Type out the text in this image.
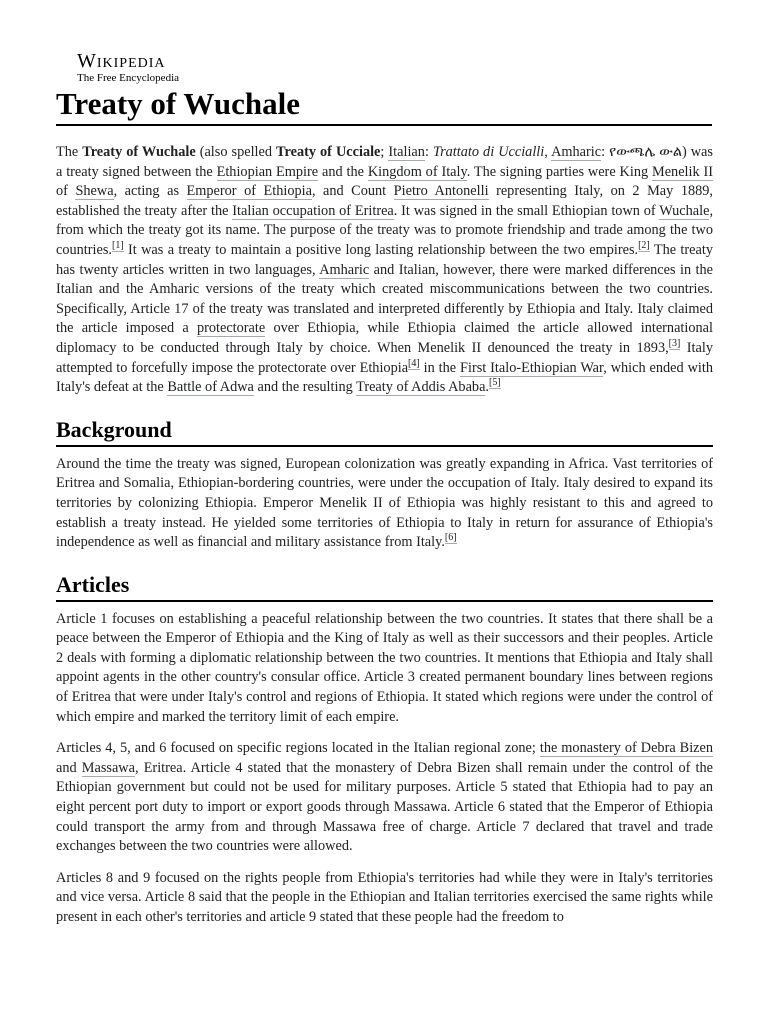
Wikipedia
The Free Encyclopedia
Treaty of Wuchale

The Treaty of Wuchale (also spelled Treaty of Ucciale; Italian: Trattato di Uccialli, Amharic: የውጫሌ ውል) was a treaty signed between the Ethiopian Empire and the Kingdom of Italy. The signing parties were King Menelik II of Shewa, acting as Emperor of Ethiopia, and Count Pietro Antonelli representing Italy, on 2 May 1889, established the treaty after the Italian occupation of Eritrea. It was signed in the small Ethiopian town of Wuchale, from which the treaty got its name. The purpose of the treaty was to promote friendship and trade among the two countries.[1] It was a treaty to maintain a positive long lasting relationship between the two empires.[2] The treaty has twenty articles written in two languages, Amharic and Italian, however, there were marked differences in the Italian and the Amharic versions of the treaty which created miscommunications between the two countries. Specifically, Article 17 of the treaty was translated and interpreted differently by Ethiopia and Italy. Italy claimed the article imposed a protectorate over Ethiopia, while Ethiopia claimed the article allowed international diplomacy to be conducted through Italy by choice. When Menelik II denounced the treaty in 1893,[3] Italy attempted to forcefully impose the protectorate over Ethiopia[4] in the First Italo-Ethiopian War, which ended with Italy's defeat at the Battle of Adwa and the resulting Treaty of Addis Ababa.[5]

Background

Around the time the treaty was signed, European colonization was greatly expanding in Africa. Vast territories of Eritrea and Somalia, Ethiopian-bordering countries, were under the occupation of Italy. Italy desired to expand its territories by colonizing Ethiopia. Emperor Menelik II of Ethiopia was highly resistant to this and agreed to establish a treaty instead. He yielded some territories of Ethiopia to Italy in return for assurance of Ethiopia's independence as well as financial and military assistance from Italy.[6]

Articles

Article 1 focuses on establishing a peaceful relationship between the two countries. It states that there shall be a peace between the Emperor of Ethiopia and the King of Italy as well as their successors and their peoples. Article 2 deals with forming a diplomatic relationship between the two countries. It mentions that Ethiopia and Italy shall appoint agents in the other country's consular office. Article 3 created permanent boundary lines between regions of Eritrea that were under Italy's control and regions of Ethiopia. It stated which regions were under the control of which empire and marked the territory limit of each empire.

Articles 4, 5, and 6 focused on specific regions located in the Italian regional zone; the monastery of Debra Bizen and Massawa, Eritrea. Article 4 stated that the monastery of Debra Bizen shall remain under the control of the Ethiopian government but could not be used for military purposes. Article 5 stated that Ethiopia had to pay an eight percent port duty to import or export goods through Massawa. Article 6 stated that the Emperor of Ethiopia could transport the army from and through Massawa free of charge. Article 7 declared that travel and trade exchanges between the two countries were allowed.

Articles 8 and 9 focused on the rights people from Ethiopia's territories had while they were in Italy's territories and vice versa. Article 8 said that the people in the Ethiopian and Italian territories exercised the same rights while present in each other's territories and article 9 stated that these people had the freedom to
